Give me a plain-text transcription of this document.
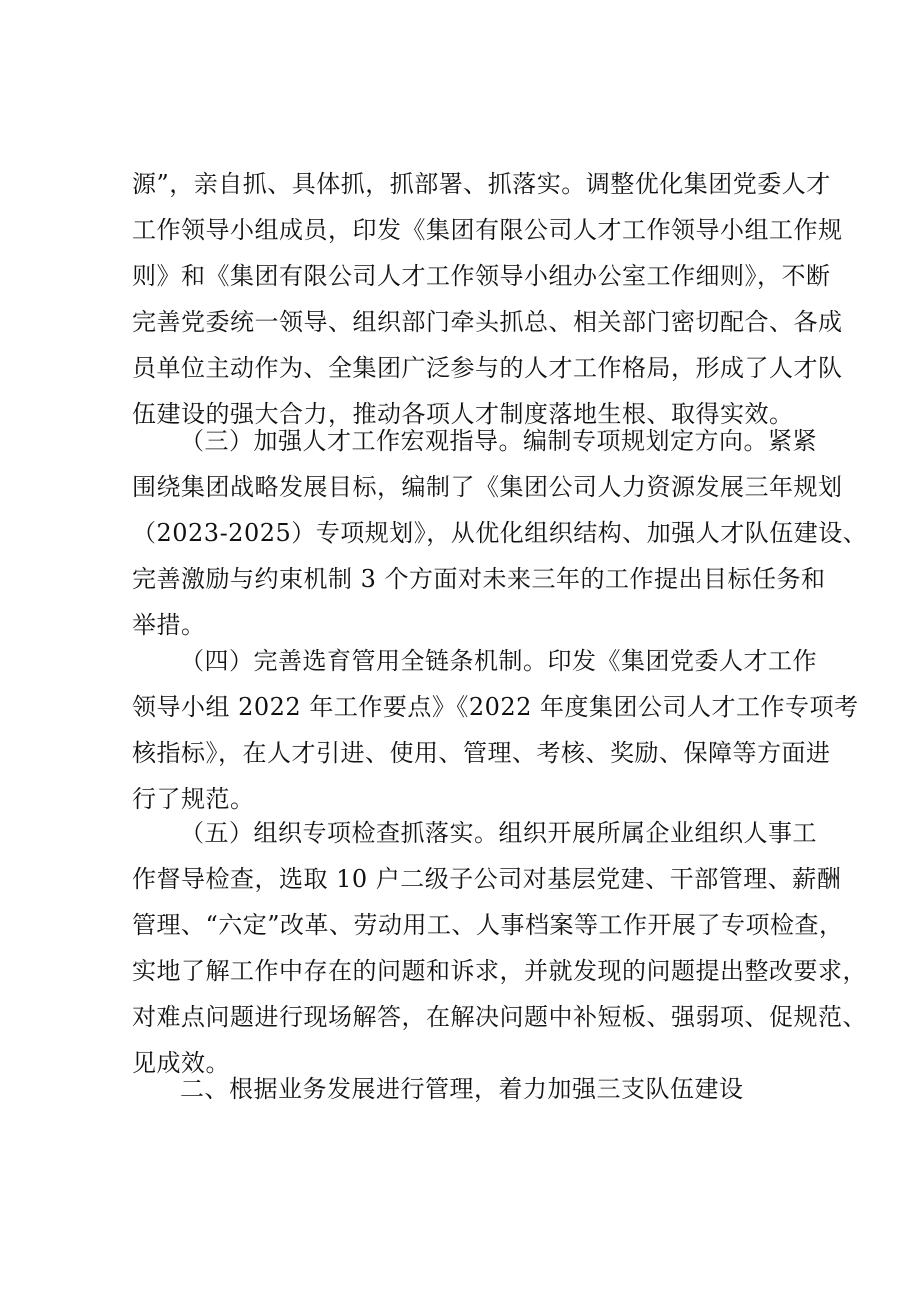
源”，亲自抓、具体抓，抓部署、抓落实。调整优化集团党委人才
工作领导小组成员，印发《集团有限公司人才工作领导小组工作规
则》和《集团有限公司人才工作领导小组办公室工作细则》，不断
完善党委统一领导、组织部门牵头抓总、相关部门密切配合、各成
员单位主动作为、全集团广泛参与的人才工作格局，形成了人才队
伍建设的强大合力，推动各项人才制度落地生根、取得实效。
（三）加强人才工作宏观指导。编制专项规划定方向。紧紧
围绕集团战略发展目标，编制了《集团公司人力资源发展三年规划
（2023-2025）专项规划》，从优化组织结构、加强人才队伍建设、
完善激励与约束机制 3 个方面对未来三年的工作提出目标任务和
举措。
（四）完善选育管用全链条机制。印发《集团党委人才工作
领导小组 2022 年工作要点》《2022 年度集团公司人才工作专项考
核指标》，在人才引进、使用、管理、考核、奖励、保障等方面进
行了规范。
（五）组织专项检查抓落实。组织开展所属企业组织人事工
作督导检查，选取 10 户二级子公司对基层党建、干部管理、薪酬
管理、“六定”改革、劳动用工、人事档案等工作开展了专项检查，
实地了解工作中存在的问题和诉求，并就发现的问题提出整改要求，
对难点问题进行现场解答，在解决问题中补短板、强弱项、促规范、
见成效。
二、根据业务发展进行管理，着力加强三支队伍建设
